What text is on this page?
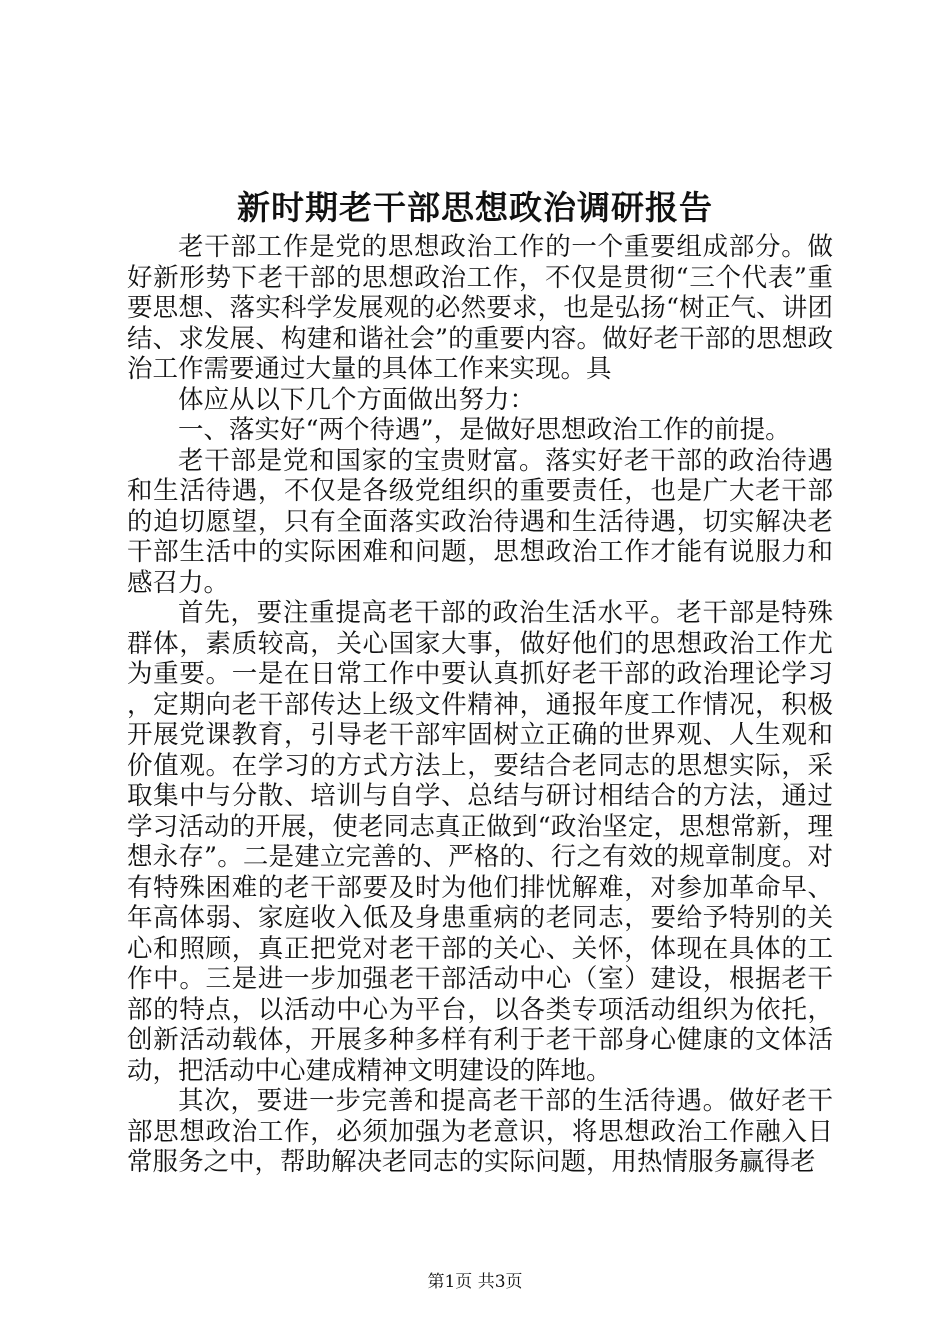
新时期老干部思想政治调研报告

老干部工作是党的思想政治工作的一个重要组成部分。做好新形势下老干部的思想政治工作，不仅是贯彻“三个代表”重要思想、落实科学发展观的必然要求，也是弘扬“树正气、讲团结、求发展、构建和谐社会”的重要内容。做好老干部的思想政治工作需要通过大量的具体工作来实现。具

体应从以下几个方面做出努力：

一、落实好“两个待遇”，是做好思想政治工作的前提。

老干部是党和国家的宝贵财富。落实好老干部的政治待遇和生活待遇，不仅是各级党组织的重要责任，也是广大老干部的迫切愿望，只有全面落实政治待遇和生活待遇，切实解决老干部生活中的实际困难和问题，思想政治工作才能有说服力和感召力。

首先，要注重提高老干部的政治生活水平。老干部是特殊群体，素质较高，关心国家大事，做好他们的思想政治工作尤为重要。一是在日常工作中要认真抓好老干部的政治理论学习，定期向老干部传达上级文件精神，通报年度工作情况，积极开展党课教育，引导老干部牢固树立正确的世界观、人生观和价值观。在学习的方式方法上，要结合老同志的思想实际，采取集中与分散、培训与自学、总结与研讨相结合的方法，通过学习活动的开展，使老同志真正做到“政治坚定，思想常新，理想永存”。二是建立完善的、严格的、行之有效的规章制度。对有特殊困难的老干部要及时为他们排忧解难，对参加革命早、年高体弱、家庭收入低及身患重病的老同志，要给予特别的关心和照顾，真正把党对老干部的关心、关怀，体现在具体的工作中。三是进一步加强老干部活动中心（室）建设，根据老干部的特点，以活动中心为平台，以各类专项活动组织为依托，创新活动载体，开展多种多样有利于老干部身心健康的文体活动，把活动中心建成精神文明建设的阵地。

其次，要进一步完善和提高老干部的生活待遇。做好老干部思想政治工作，必须加强为老意识，将思想政治工作融入日常服务之中，帮助解决老同志的实际问题，用热情服务赢得老

第1页 共3页
